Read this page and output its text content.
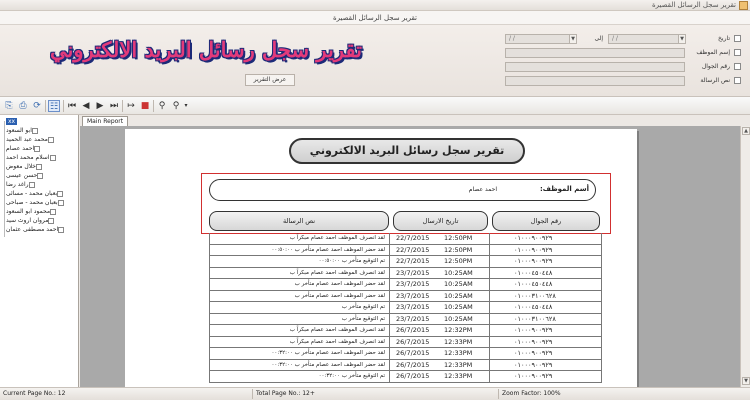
تقرير سجل الرسائل القصيرة
تقرير سجل الرسائل القصيرة
تقرير سجل رسائل البريد الالكتروني
عرض التقرير
تاريخ
/ /	▼
إلى
/ /	▼
إسم الموظف
رقم الجوال
نص الرسالة
⎘ ⎙ ⟳ ☷ ⏮ ◀ ▶ ⏭ ↦ ■	⚲ ⚲ ▾
xx
ابو السعود
محمد عبد الحميد
احمد عصام
اسلام محمد احمد
خلال معوض
حسن عيسى
راغد رضا
بعبان محمد - مسائى
بعبان محمد - صباحى
محمود ابو السعود
مروان اروث سيد
احمد مصطفى عثمان
Main Report
تقرير سجل رسائل البريد الالكتروني
أسم الموظف:
احمد عصام
نص الرسالة	تاريخ الارسال	رقم الجوال
لقد انصرف الموظف احمد عصام مبكراً ب	22/7/2015 12:50PM	٠١٠٠٠٩٠٠٩٢٩
لقد حضر الموظف احمد عصام متأخر ب ٠٠:٥٠:٠٠	22/7/2015 12:50PM	٠١٠٠٠٩٠٠٩٢٩
تم التوقيع متأخر ب ٠٠:٥٠:٠٠	22/7/2015 12:50PM	٠١٠٠٠٩٠٠٩٢٩
لقد انصرف الموظف احمد عصام مبكراً ب	23/7/2015 10:25AM	٠١٠٠٠٤٥٠٤٤٨
لقد حضر الموظف احمد عصام متأخر ب	23/7/2015 10:25AM	٠١٠٠٠٤٥٠٤٤٨
لقد حضر الموظف احمد عصام متأخر ب	23/7/2015 10:25AM	٠١٠٠٠٣١٠٠٦٢٨
تم التوقيع متأخر ب	23/7/2015 10:25AM	٠١٠٠٠٤٥٠٤٤٨
تم التوقيع متأخر ب	23/7/2015 10:25AM	٠١٠٠٠٣١٠٠٦٢٨
لقد انصرف الموظف احمد عصام مبكراً ب	26/7/2015 12:32PM	٠١٠٠٠٩٠٠٩٢٩
لقد انصرف الموظف احمد عصام مبكراً ب	26/7/2015 12:33PM	٠١٠٠٠٩٠٠٩٢٩
لقد حضر الموظف احمد عصام متأخر ب ٠٠:٣٢:٠٠	26/7/2015 12:33PM	٠١٠٠٠٩٠٠٩٢٩
لقد حضر الموظف احمد عصام متأخر ب ٠٠:٣٢:٠٠	26/7/2015 12:33PM	٠١٠٠٠٩٠٠٩٢٩
تم التوقيع متأخر ب ٠٠:٣٢:٠٠	26/7/2015 12:33PM	٠١٠٠٠٩٠٠٩٢٩
▲
▼
Current Page No.: 12	Total Page No.: 12+	Zoom Factor: 100%
